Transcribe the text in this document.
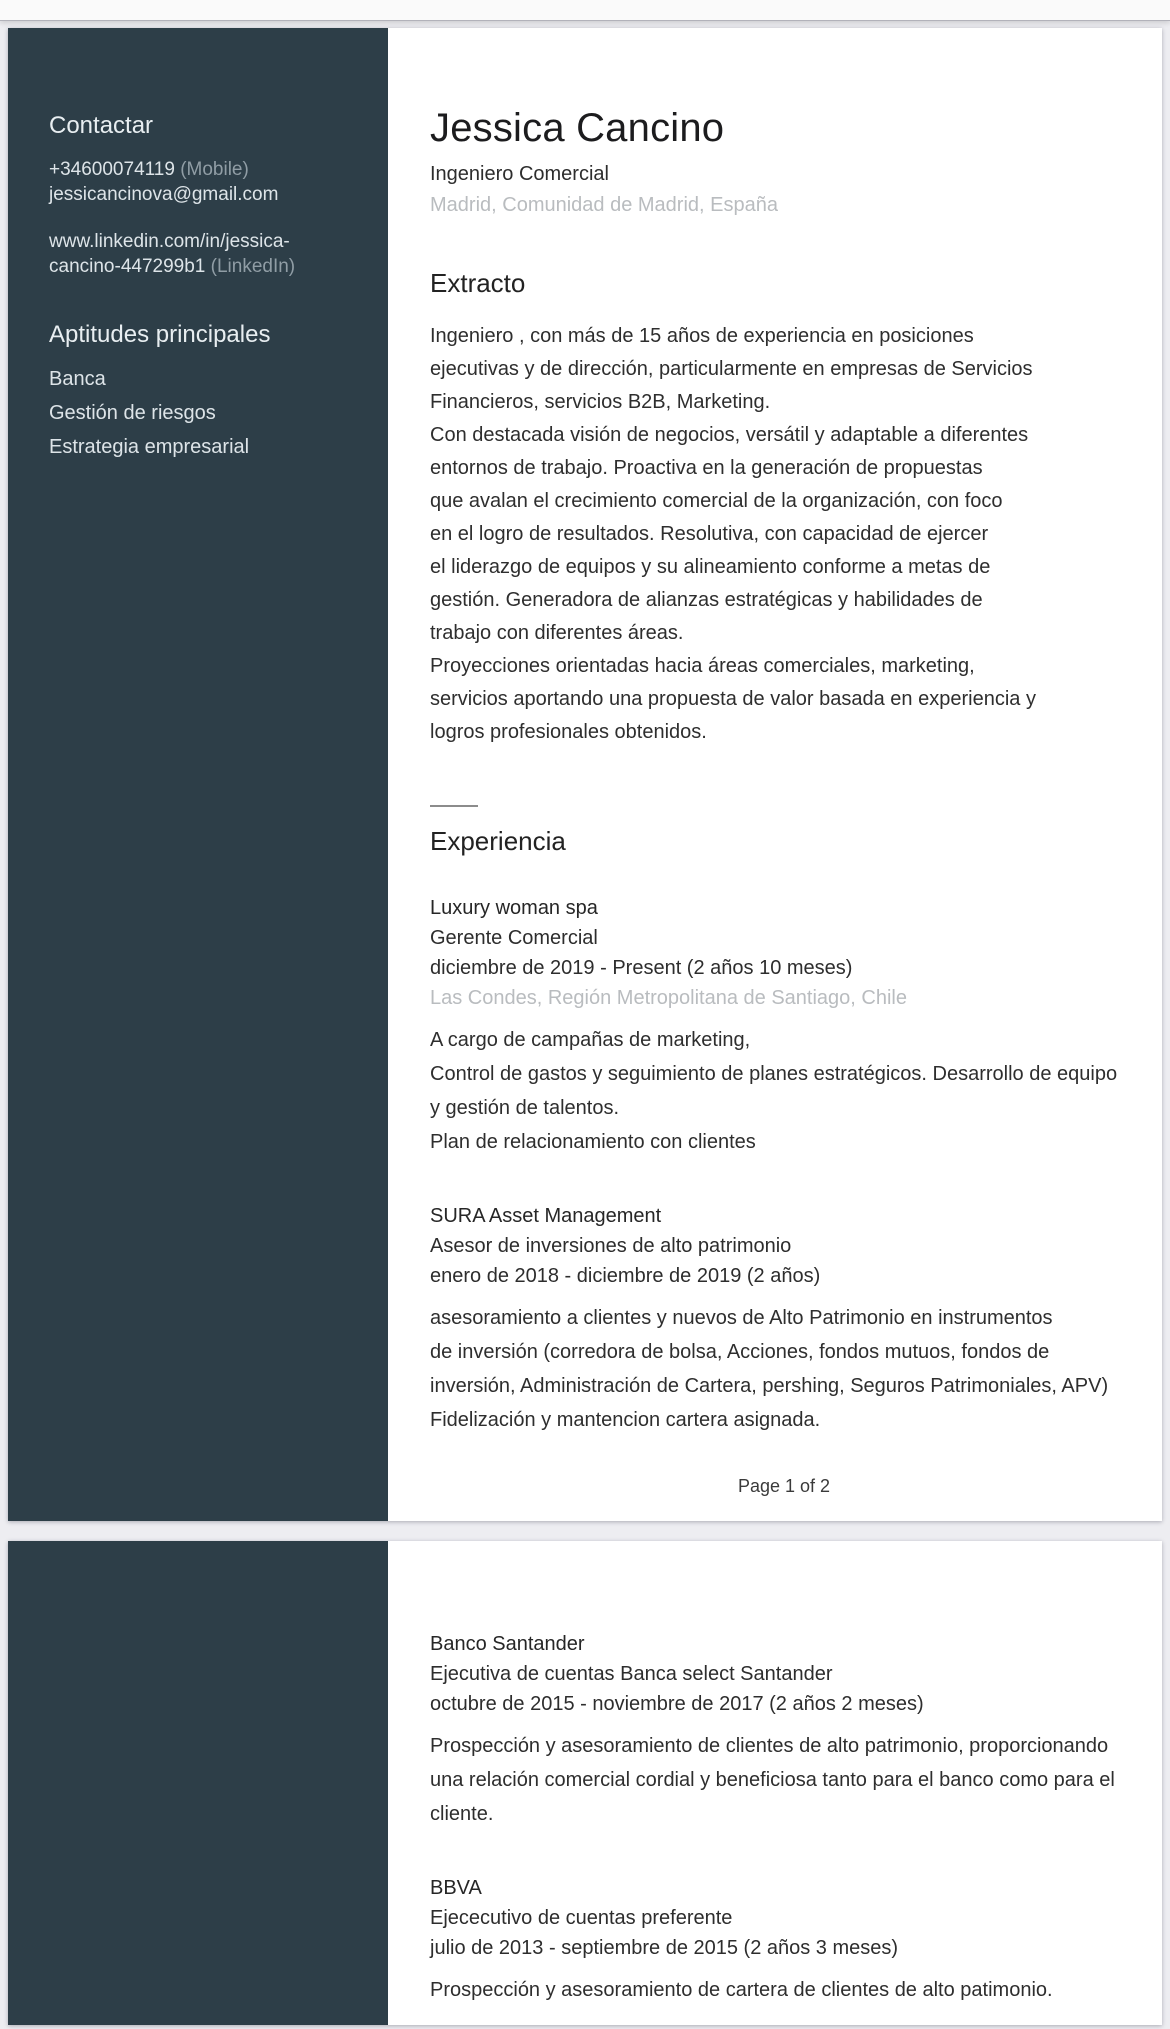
Contactar
+34600074119 (Mobile)
jessicancinova@gmail.com
www.linkedin.com/in/jessica-cancino-447299b1 (LinkedIn)
Aptitudes principales
Banca
Gestión de riesgos
Estrategia empresarial
Jessica Cancino
Ingeniero Comercial
Madrid, Comunidad de Madrid, España
Extracto
Ingeniero , con más de 15 años de experiencia en posiciones
ejecutivas y de dirección, particularmente en empresas de Servicios
Financieros, servicios B2B, Marketing.
Con destacada visión de negocios, versátil y adaptable a diferentes
entornos de trabajo. Proactiva en la generación de propuestas
que avalan el crecimiento comercial de la organización, con foco
en el logro de resultados. Resolutiva, con capacidad de ejercer
el liderazgo de equipos y su alineamiento conforme a metas de
gestión. Generadora de alianzas estratégicas y habilidades de
trabajo con diferentes áreas.
Proyecciones orientadas hacia áreas comerciales, marketing,
servicios aportando una propuesta de valor basada en experiencia y
logros profesionales obtenidos.
Experiencia
Luxury woman spa
Gerente Comercial
diciembre de 2019 - Present (2 años 10 meses)
Las Condes, Región Metropolitana de Santiago, Chile
A cargo de campañas de marketing,
Control de gastos y seguimiento de planes estratégicos. Desarrollo de equipo
y gestión de talentos.
Plan de relacionamiento con clientes
SURA Asset Management
Asesor de inversiones de alto patrimonio
enero de 2018 - diciembre de 2019 (2 años)
asesoramiento a clientes y nuevos de Alto Patrimonio en instrumentos
de inversión (corredora de bolsa, Acciones, fondos mutuos, fondos de
inversión, Administración de Cartera, pershing, Seguros Patrimoniales, APV)
Fidelización y mantencion cartera asignada.
Page 1 of 2
Banco Santander
Ejecutiva de cuentas Banca select Santander
octubre de 2015 - noviembre de 2017 (2 años 2 meses)
Prospección y asesoramiento de clientes de alto patrimonio, proporcionando
una relación comercial cordial y beneficiosa tanto para el banco como para el
cliente.
BBVA
Ejececutivo de cuentas preferente
julio de 2013 - septiembre de 2015 (2 años 3 meses)
Prospección y asesoramiento de cartera de clientes de alto patimonio.
